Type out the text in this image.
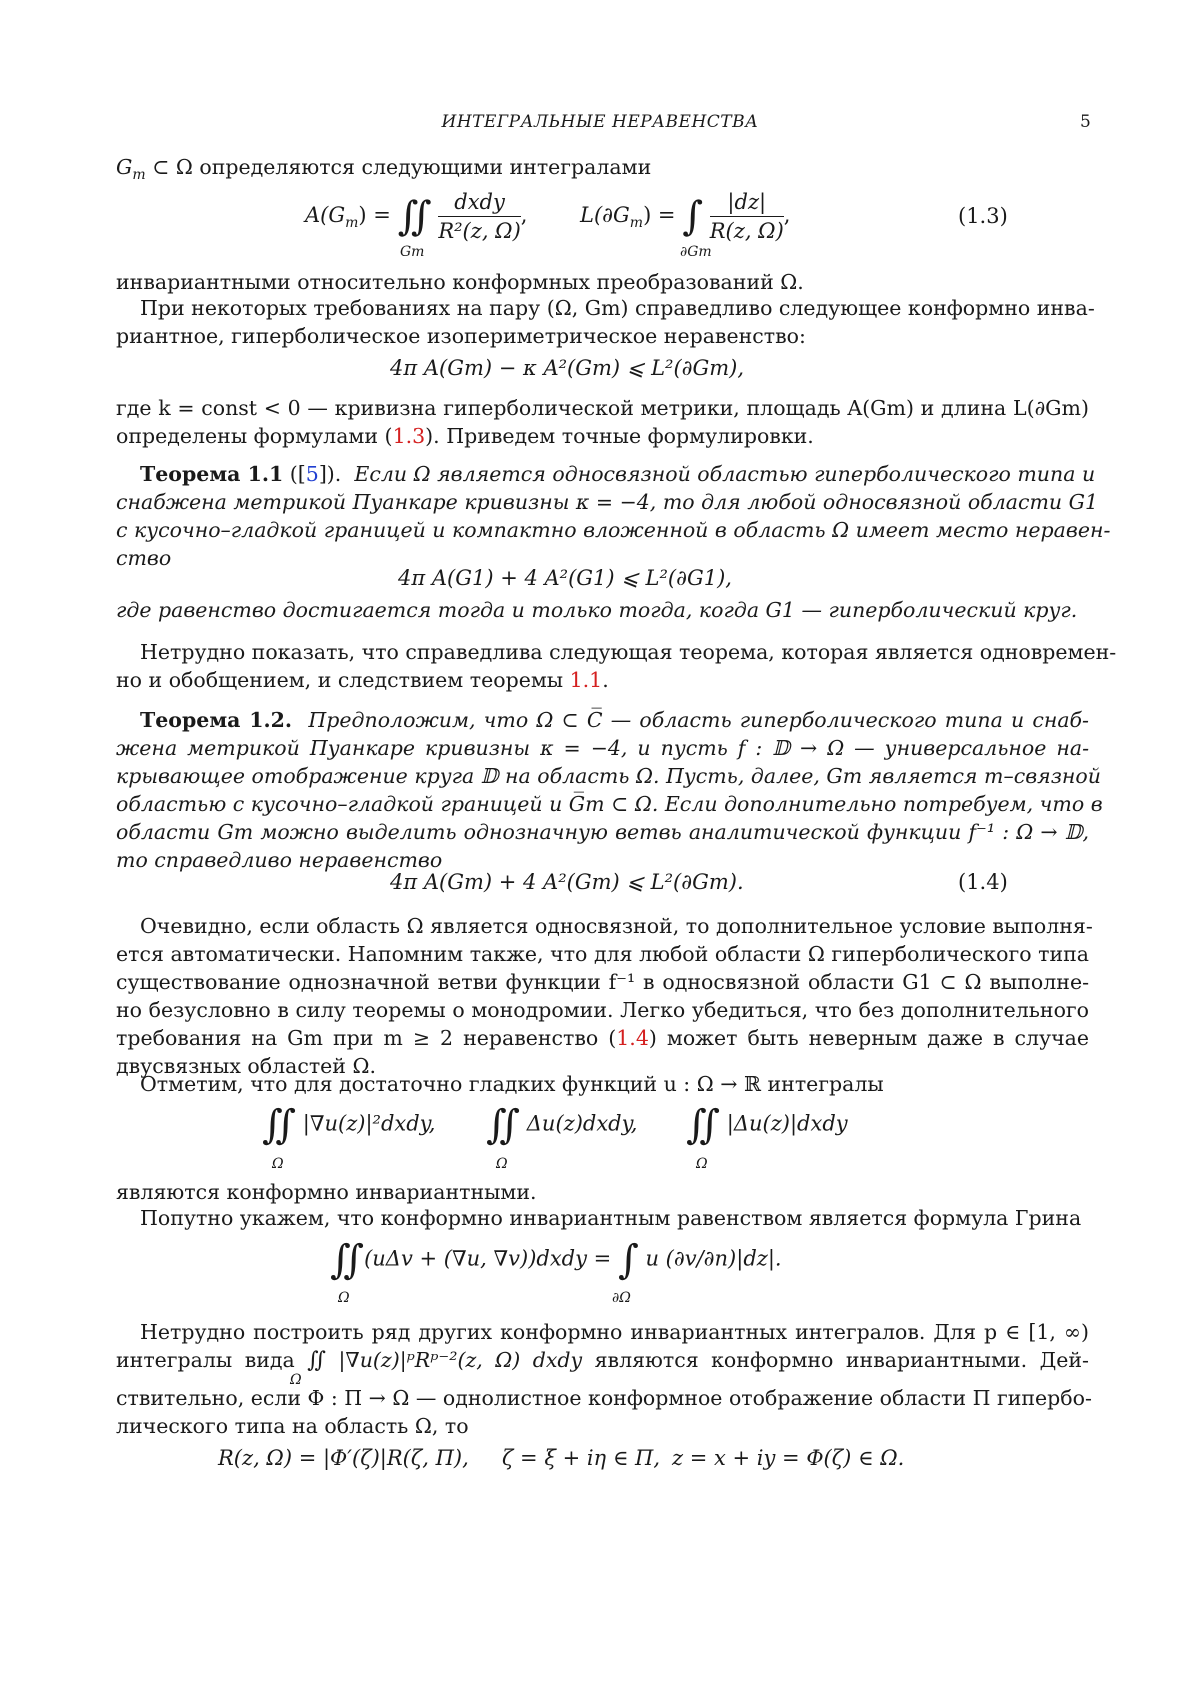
ИНТЕГРАЛЬНЫЕ НЕРАВЕНСТВА	5
$G_m$ ⊂ Ω определяются следующими интегралами
$A(G_m)$ = ∬ $\frac{\text{dxdy}}{\text{R²(z, Ω)}}$ ,
Gm
$L(\partial G_m)$ = ∫ $\frac{|dz|}{R(z, \Omega)}$ ,
∂Gm
(1.3)
инвариантными относительно конформных преобразований Ω.
При некоторых требованиях на пару (Ω, Gm) справедливо следующее конформно инва-
риантное, гиперболическое изопериметрическое неравенство:
4π A(Gm) − κ A²(Gm) ⩽ L²(∂Gm),
где k = const < 0 — кривизна гиперболической метрики, площадь A(Gm) и длина L(∂Gm)
определены формулами (1.3). Приведем точные формулировки.
Теорема 1.1 ([5]). Если Ω является односвязной областью гиперболического типа и
снабжена метрикой Пуанкаре кривизны κ = −4, то для любой односвязной области G1
с кусочно–гладкой границей и компактно вложенной в область Ω имеет место неравен-
ство
4π A(G1) + 4 A²(G1) ⩽ L²(∂G1),
где равенство достигается тогда и только тогда, когда G1 — гиперболический круг.
Нетрудно показать, что справедлива следующая теорема, которая является одновремен-
но и обобщением, и следствием теоремы 1.1.
Теорема 1.2. Предположим, что Ω ⊂ C̅ — область гиперболического типа и снаб-
жена метрикой Пуанкаре кривизны κ = −4, и пусть f : 𝔻 → Ω — универсальное на-
крывающее отображение круга 𝔻 на область Ω. Пусть, далее, Gm является m–связной
областью с кусочно–гладкой границей и G̅m ⊂ Ω. Если дополнительно потребуем, что в
области Gm можно выделить однозначную ветвь аналитической функции f⁻¹ : Ω → 𝔻,
то справедливо неравенство
4π A(Gm) + 4 A²(Gm) ⩽ L²(∂Gm).	(1.4)
Очевидно, если область Ω является односвязной, то дополнительное условие выполня-
ется автоматически. Напомним также, что для любой области Ω гиперболического типа
существование однозначной ветви функции f⁻¹ в односвязной области G1 ⊂ Ω выполне-
но безусловно в силу теоремы о монодромии. Легко убедиться, что без дополнительного
требования на Gm при m ≥ 2 неравенство (1.4) может быть неверным даже в случае
двусвязных областей Ω.
Отметим, что для достаточно гладких функций u : Ω → ℝ интегралы
∬ |∇u(z)|²dxdy,
Ω
∬ Δu(z)dxdy,
Ω
∬ |Δu(z)|dxdy
Ω
являются конформно инвариантными.
Попутно укажем, что конформно инвариантным равенством является формула Грина
∬(uΔv + (∇u, ∇v))dxdy = ∫ u (∂v/∂n)|dz|.
Ω	∂Ω
Нетрудно построить ряд других конформно инвариантных интегралов. Для p ∈ [1, ∞)
интегралы вида ∬ |∇u(z)|ᵖRᵖ⁻²(z, Ω) dxdy являются конформно инвариантными. Дей-
Ω
ствительно, если Φ : Π → Ω — однолистное конформное отображение области Π гипербо-
лического типа на область Ω, то
R(z, Ω) = |Φ′(ζ)|R(ζ, Π), ζ = ξ + iη ∈ Π, z = x + iy = Φ(ζ) ∈ Ω.
